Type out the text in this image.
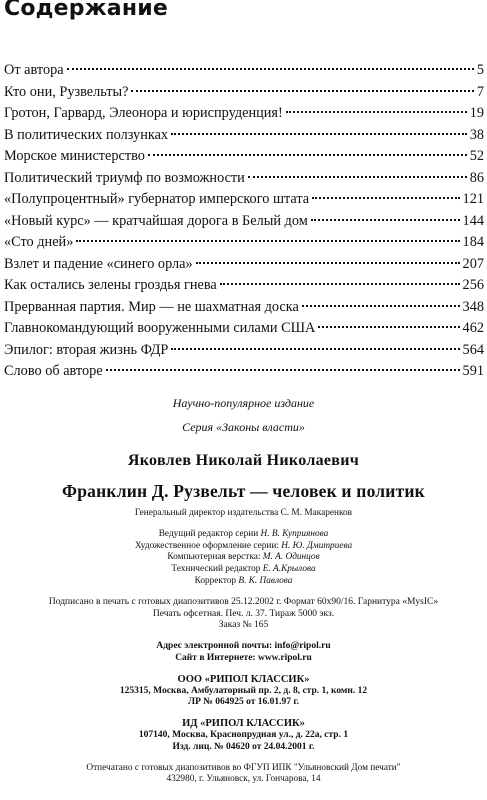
Содержание
От автора	5
Кто они, Рузвельты?	7
Гротон, Гарвард, Элеонора и юриспруденция!	19
В политических ползунках	38
Морское министерство	52
Политический триумф по возможности	86
«Полупроцентный» губернатор имперского штата	121
«Новый курс» — кратчайшая дорога в Белый дом	144
«Сто дней»	184
Взлет и падение «синего орла»	207
Как остались зелены гроздья гнева	256
Прерванная партия. Мир — не шахматная доска	348
Главнокомандующий вооруженными силами США	462
Эпилог: вторая жизнь ФДР	564
Слово об авторе	591
Научно-популярное издание
Серия «Законы власти»
Яковлев Николай Николаевич
Франклин Д. Рузвельт — человек и политик
Генеральный директор издательства С. М. Макаренков
Ведущий редактор серии Н. В. Куприянова
Художественное оформление серии: Н. Ю. Дмитриева
Компьютерная верстка: М. А. Одинцов
Технический редактор Е. А.Крылова
Корректор В. К. Павлова
Подписано в печать с готовых диапозитивов 25.12.2002 г. Формат 60х90/16. Гарнитура «MysIC»
Печать офсетная. Печ. л. 37. Тираж 5000 экз.
Заказ № 165
Адрес электронной почты: info@ripol.ru
Сайт в Интернете: www.ripol.ru
ООО «РИПОЛ КЛАССИК»
125315, Москва, Амбулаторный пр. 2, д. 8, стр. 1, комн. 12
ЛР № 064925 от 16.01.97 г.
ИД «РИПОЛ КЛАССИК»
107140, Москва, Краснопрудная ул., д. 22а, стр. 1
Изд. лиц. № 04620 от 24.04.2001 г.
Отпечатано с готовых диапозитивов во ФГУП ИПК "Ульяновский Дом печати"
432980, г. Ульяновск, ул. Гончарова, 14
